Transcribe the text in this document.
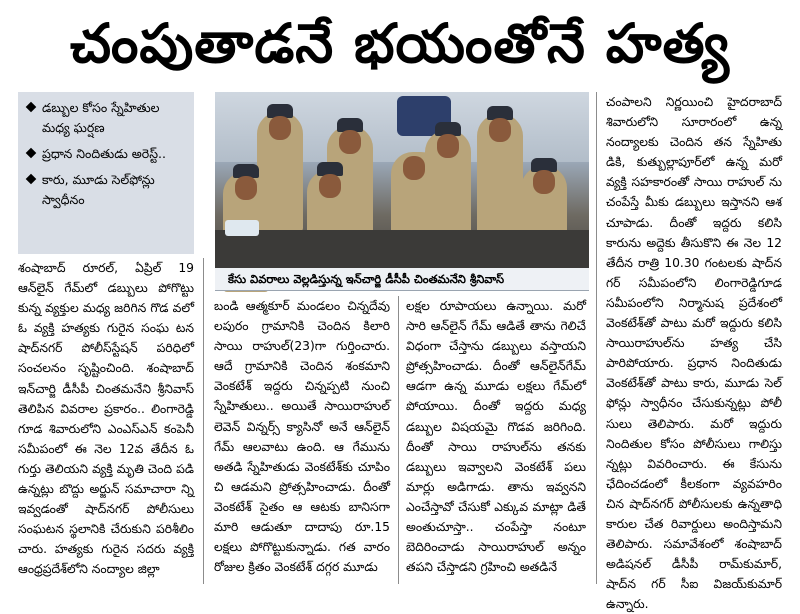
చంపుతాడనే భయంతోనే హత్య
డబ్బుల కోసం స్నేహితుల మధ్య ఘర్షణ
ప్రధాన నిందితుడు అరెస్ట్..
కారు, మూడు సెల్‌ఫోన్లు స్వాధీనం
కేసు వివరాలు వెల్లడిస్తున్న ఇన్‌చార్జి డీసీపీ చింతమనేని శ్రీనివాస్
శంషాబాద్ రూరల్, ఏప్రిల్ 19 ఆన్‌లైన్ గేమ్‌లో డబ్బులు పోగొట్టు కున్న వ్యక్తుల మధ్య జరిగిన గొడ వలో ఓ వ్యక్తి హత్యకు గురైన సంఘ టన షాద్‌నగర్ పోలీస్‌స్టేషన్ పరిధిలో సంచలనం సృష్టించింది. శంషాబాద్ ఇన్‌చార్జి డీసీపీ చింతమనేని శ్రీనివాస్ తెలిపిన వివరాల ప్రకారం.. లింగారెడ్డి గూడ శివారులోని ఎంఎస్ఎన్ కంపెనీ సమీపంలో ఈ నెల 12వ తేదీన ఓ గుర్తు తెలియని వ్యక్తి మృతి చెంది పడి ఉన్నట్లు బొద్దు అర్జున్ సమాచారా న్ని ఇవ్వడంతో షాద్‌నగర్ పోలీసులు సంఘటన స్థలానికి చేరుకుని పరిశీలిం చారు. హత్యకు గురైన సదరు వ్యక్తి ఆంధ్రప్రదేశ్‌లోని నంద్యాల జిల్లా
బండి ఆత్మకూర్ మండలం చిన్నదేవు లపురం గ్రామానికి చెందిన కిలారి సాయి రాహుల్(23)గా గుర్తించారు. ఆదే గ్రామానికి చెందిన శంకమాని వెంకటేశ్ ఇద్దరు చిన్నప్పటి నుంచి స్నేహితులు.. అయితే సాయిరాహుల్ లెవెన్ విన్నర్స్ క్యాసినో అనే ఆన్‌లైన్ గేమ్ ఆలవాటు ఉంది. ఆ గేమును అతడి స్నేహితుడు వెంకటేశ్‌కు చూపిం చి ఆడమని ప్రోత్సహించాడు. దీంతో వెంకటేశ్ సైతం ఆ ఆటకు బానిసగా మారి ఆడుతూ దాదాపు రూ.15 లక్షలు పోగొట్టుకున్నాడు. గత వారం రోజుల క్రితం వెంకటేశ్ దగ్గర మూడు
లక్షల రూపాయలు ఉన్నాయి. మరో సారి ఆన్‌లైన్ గేమ్ ఆడితే తాను గెలిచే విధంగా చేస్తాను డబ్బులు వస్తాయని ప్రోత్సహించాడు. దీంతో ఆన్‌లైన్‌గేమ్ ఆడగా ఉన్న మూడు లక్షలు గేమ్‌లో పోయాయి. దీంతో ఇద్దరు మధ్య డబ్బుల విషయమై గొడవ జరిగింది. దీంతో సాయి రాహుల్‌ను తనకు డబ్బులు ఇవ్వాలని వెంకటేశ్ పలు మార్లు అడిగాడు. తాను ఇవ్వనని ఎంచేస్తావో చేసుకో ఎక్కువ మాట్లా డితే అంతుచూస్తా.. చంపేస్తా నంటూ బెదిరించాడు సాయిరాహుల్ అన్నం తపని చేస్తాడని గ్రహించి అతడినే
చంపాలని నిర్ణయించి హైదరాబాద్ శివారులోని సూరారంలో ఉన్న నంద్యాలకు చెందిన తన స్నేహితు డికి, కుత్బుల్లాపూర్‌లో ఉన్న మరో వ్యక్తి సహకారంతో సాయి రాహుల్ ను చంపేస్తే మీకు డబ్బులు ఇస్తానని ఆశ చూపాడు. దీంతో ఇద్దరు కలిసి కారును అద్దెకు తీసుకొని ఈ నెల 12 తేదీన రాత్రి 10.30 గంటలకు షాద్‌న గర్ సమీపంలోని లింగారెడ్డిగూడ సమీపంలోని నిర్మానుష ప్రదేశంలో వెంకటేశ్‌తో పాటు మరో ఇద్దురు కలిసి సాయిరాహుల్‌ను హత్య చేసి పారిపోయారు. ప్రధాన నిందితుడు వెంకటేశ్‌తో పాటు కారు, మూడు సెల్ ఫోన్లు స్వాధీనం చేసుకున్నట్లు పోలీ సులు తెలిపారు. మరో ఇద్దురు నిందితుల కోసం పోలీసులు గాలిస్తు న్నట్లు వివరించారు. ఈ కేసును ఛేదించడంలో కీలకంగా వ్యవహరిం చిన షాద్‌నగర్ పోలీసులకు ఉన్నతాధి కారుల చేత రివార్డులు అందిస్తామని తెలిపారు. సమావేశంలో శంషాబాద్ అడిషనల్ డీసీపీ రామ్‌కుమార్, షాద్‌న గర్ సీఐ విజయ్‌కుమార్ ఉన్నారు.
